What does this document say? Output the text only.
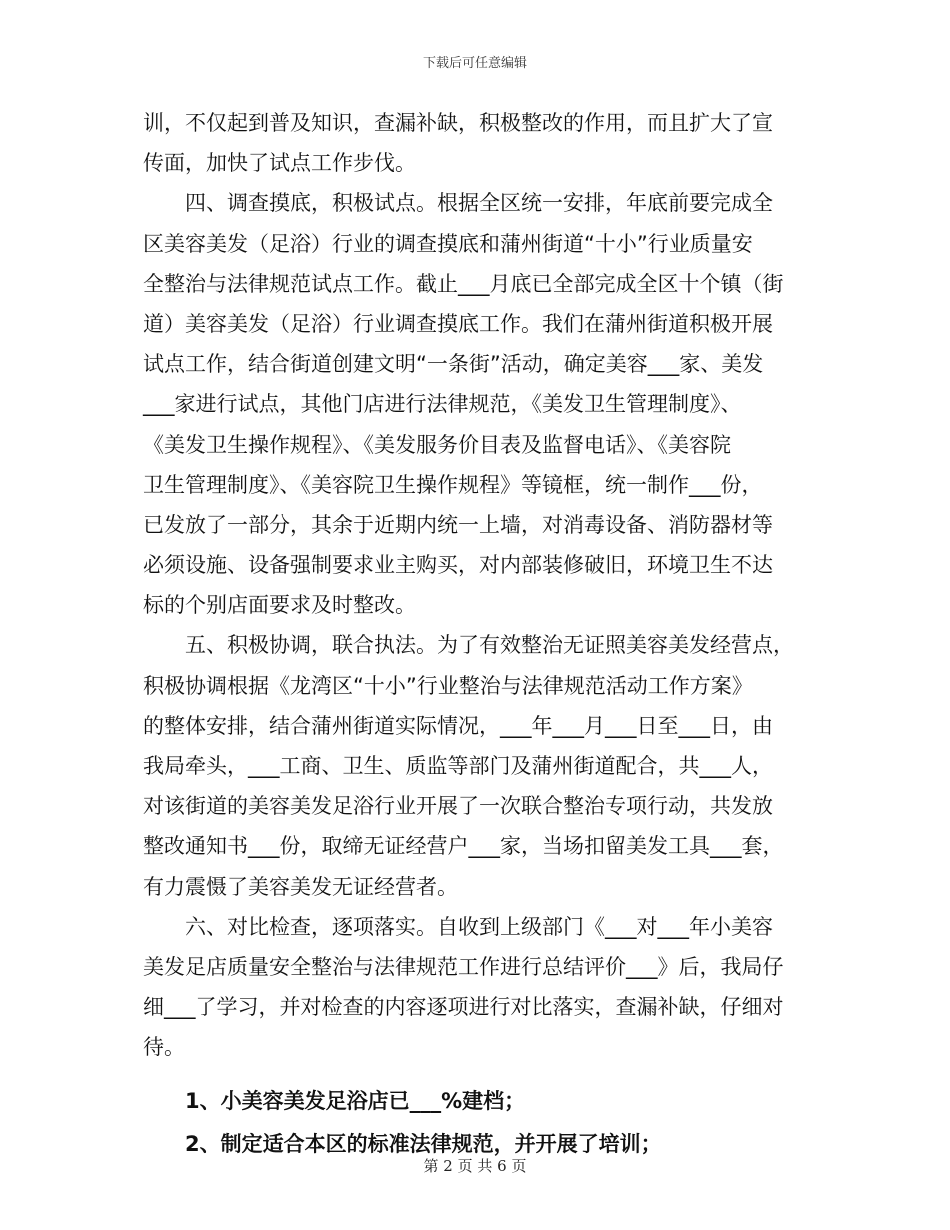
下载后可任意编辑
训，不仅起到普及知识，查漏补缺，积极整改的作用，而且扩大了宣
传面，加快了试点工作步伐。
四、调查摸底，积极试点。根据全区统一安排，年底前要完成全
区美容美发（足浴）行业的调查摸底和蒲州街道“十小”行业质量安
全整治与法律规范试点工作。截止___月底已全部完成全区十个镇（街
道）美容美发（足浴）行业调查摸底工作。我们在蒲州街道积极开展
试点工作，结合街道创建文明“一条街”活动，确定美容___家、美发
___家进行试点，其他门店进行法律规范，《美发卫生管理制度》、
《美发卫生操作规程》、《美发服务价目表及监督电话》、《美容院
卫生管理制度》、《美容院卫生操作规程》等镜框，统一制作___份，
已发放了一部分，其余于近期内统一上墙，对消毒设备、消防器材等
必须设施、设备强制要求业主购买，对内部装修破旧，环境卫生不达
标的个别店面要求及时整改。
五、积极协调，联合执法。为了有效整治无证照美容美发经营点，
积极协调根据《龙湾区“十小”行业整治与法律规范活动工作方案》
的整体安排，结合蒲州街道实际情况，___年___月___日至___日，由
我局牵头，___工商、卫生、质监等部门及蒲州街道配合，共___人，
对该街道的美容美发足浴行业开展了一次联合整治专项行动，共发放
整改通知书___份，取缔无证经营户___家，当场扣留美发工具___套，
有力震慑了美容美发无证经营者。
六、对比检查，逐项落实。自收到上级部门《___对___年小美容
美发足店质量安全整治与法律规范工作进行总结评价___》后，我局仔
细___了学习，并对检查的内容逐项进行对比落实，查漏补缺，仔细对
待。
1、小美容美发足浴店已___%建档；
2、制定适合本区的标准法律规范，并开展了培训；
第 2 页 共 6 页
